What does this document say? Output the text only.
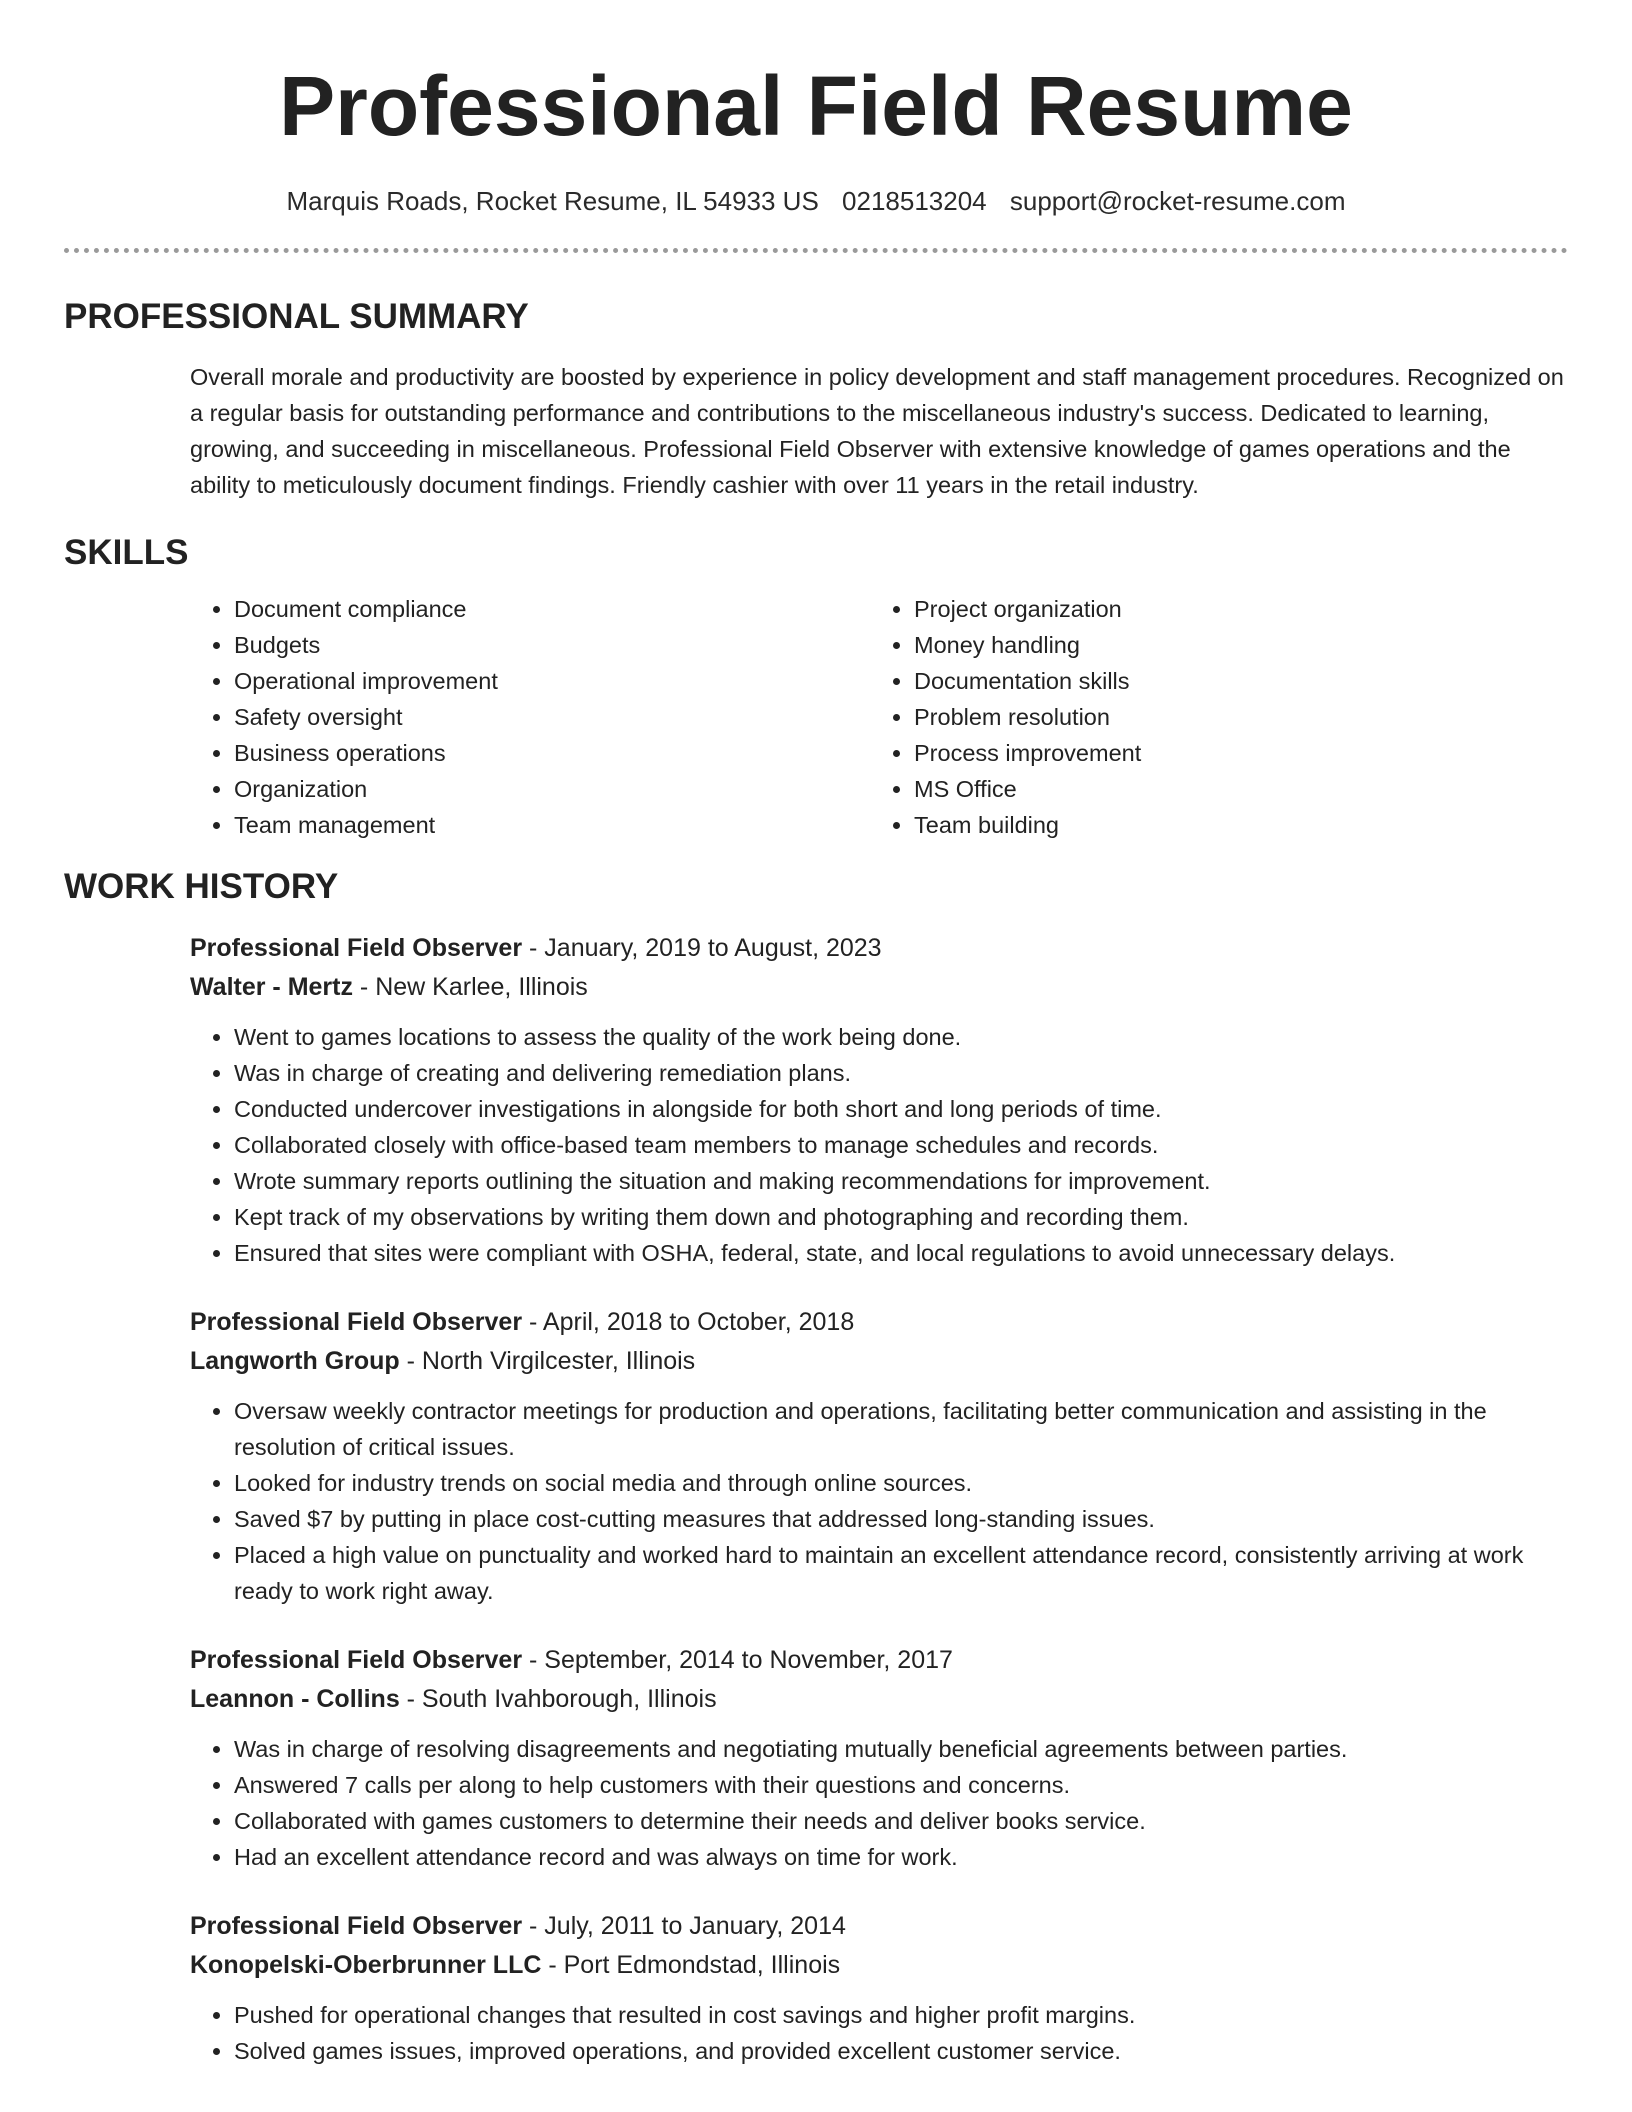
Professional Field Resume
Marquis Roads, Rocket Resume, IL 54933 US 0218513204 support@rocket-resume.com
PROFESSIONAL SUMMARY

Overall morale and productivity are boosted by experience in policy development and staff management procedures. Recognized on a regular basis for outstanding performance and contributions to the miscellaneous industry's success. Dedicated to learning, growing, and succeeding in miscellaneous. Professional Field Observer with extensive knowledge of games operations and the ability to meticulously document findings. Friendly cashier with over 11 years in the retail industry.

SKILLS
• Document compliance
• Budgets
• Operational improvement
• Safety oversight
• Business operations
• Organization
• Team management
• Project organization
• Money handling
• Documentation skills
• Problem resolution
• Process improvement
• MS Office
• Team building
WORK HISTORY
Professional Field Observer - January, 2019 to August, 2023
Walter - Mertz - New Karlee, Illinois
• Went to games locations to assess the quality of the work being done.
• Was in charge of creating and delivering remediation plans.
• Conducted undercover investigations in alongside for both short and long periods of time.
• Collaborated closely with office-based team members to manage schedules and records.
• Wrote summary reports outlining the situation and making recommendations for improvement.
• Kept track of my observations by writing them down and photographing and recording them.
• Ensured that sites were compliant with OSHA, federal, state, and local regulations to avoid unnecessary delays.
Professional Field Observer - April, 2018 to October, 2018
Langworth Group - North Virgilcester, Illinois
• Oversaw weekly contractor meetings for production and operations, facilitating better communication and assisting in the resolution of critical issues.
• Looked for industry trends on social media and through online sources.
• Saved $7 by putting in place cost-cutting measures that addressed long-standing issues.
• Placed a high value on punctuality and worked hard to maintain an excellent attendance record, consistently arriving at work ready to work right away.
Professional Field Observer - September, 2014 to November, 2017
Leannon - Collins - South Ivahborough, Illinois
• Was in charge of resolving disagreements and negotiating mutually beneficial agreements between parties.
• Answered 7 calls per along to help customers with their questions and concerns.
• Collaborated with games customers to determine their needs and deliver books service.
• Had an excellent attendance record and was always on time for work.
Professional Field Observer - July, 2011 to January, 2014
Konopelski-Oberbrunner LLC - Port Edmondstad, Illinois
• Pushed for operational changes that resulted in cost savings and higher profit margins.
• Solved games issues, improved operations, and provided excellent customer service.
